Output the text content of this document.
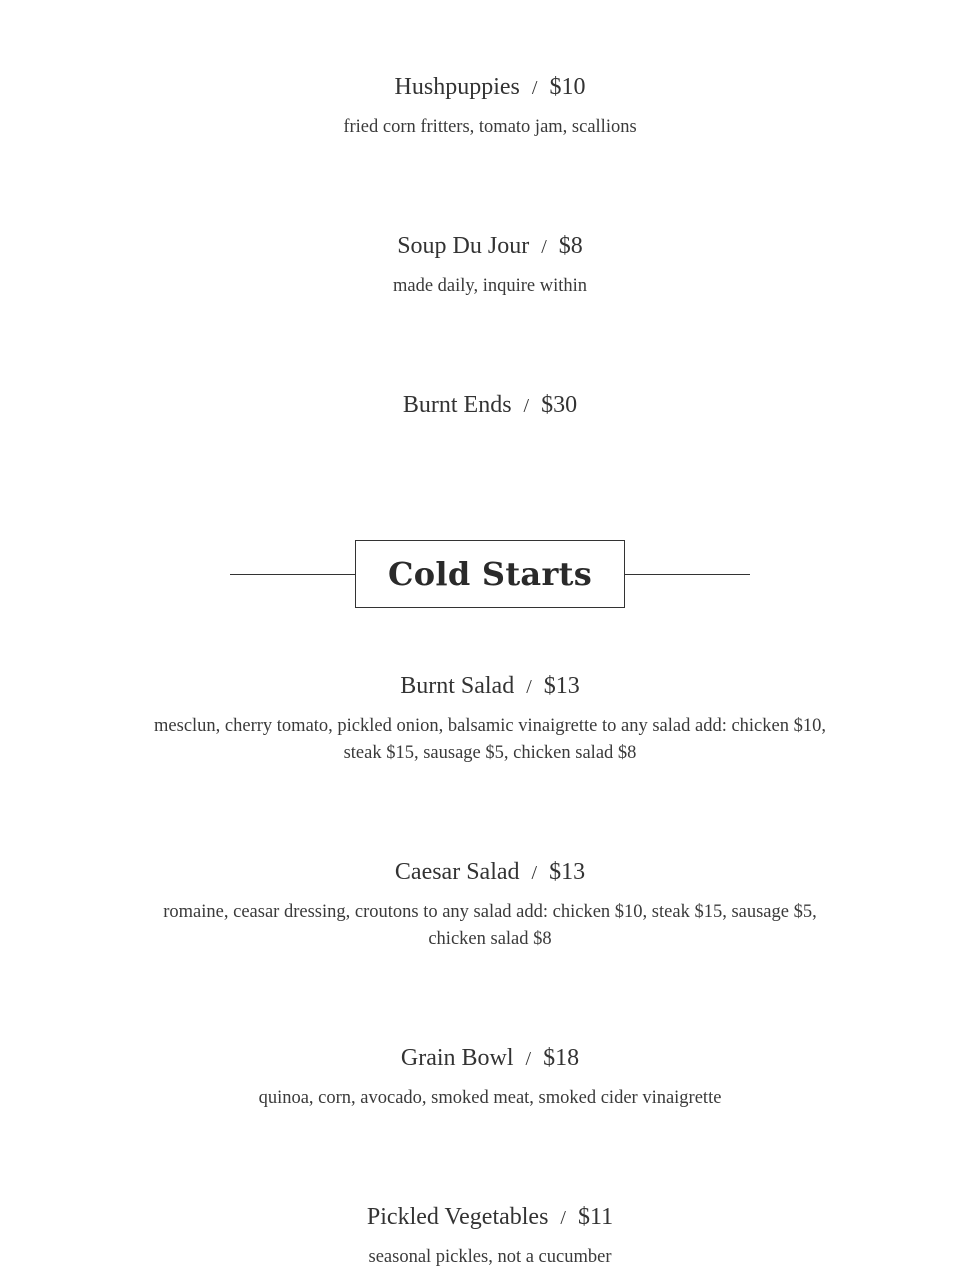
Hushpuppies / $10
fried corn fritters, tomato jam, scallions
Soup Du Jour / $8
made daily, inquire within
Burnt Ends / $30
Cold Starts
Burnt Salad / $13
mesclun, cherry tomato, pickled onion, balsamic vinaigrette to any salad add: chicken $10, steak $15, sausage $5, chicken salad $8
Caesar Salad / $13
romaine, ceasar dressing, croutons to any salad add: chicken $10, steak $15, sausage $5, chicken salad $8
Grain Bowl / $18
quinoa, corn, avocado, smoked meat, smoked cider vinaigrette
Pickled Vegetables / $11
seasonal pickles, not a cucumber
